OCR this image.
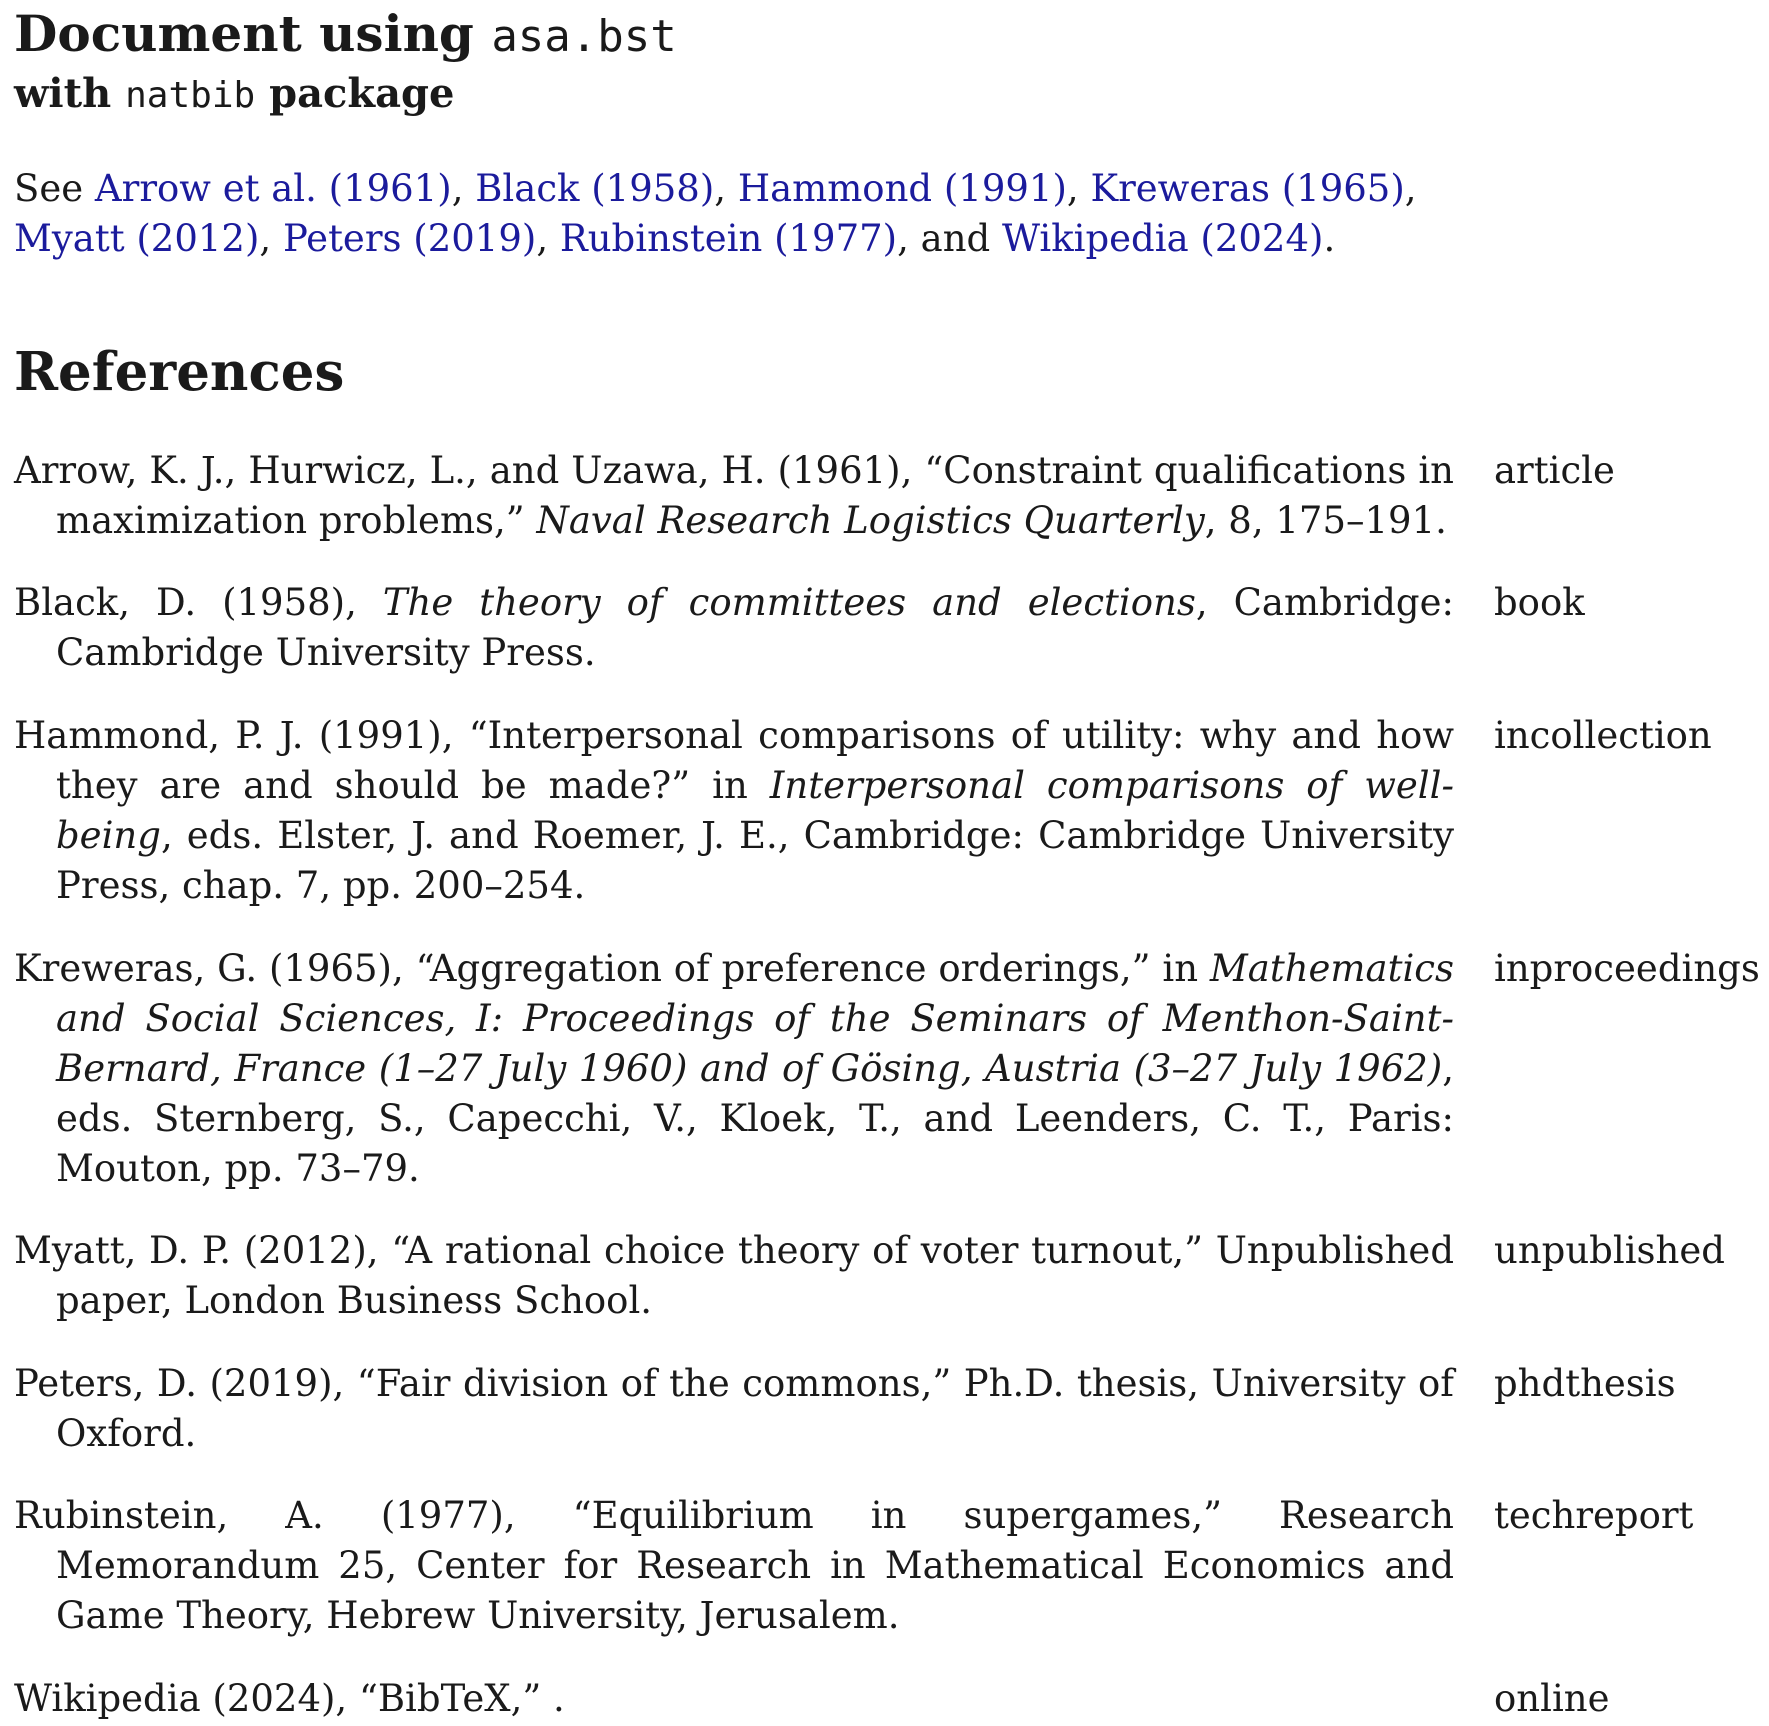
Document using asa.bst
with natbib package

See Arrow et al. (1961), Black (1958), Hammond (1991), Kreweras (1965), Myatt (2012), Peters (2019), Rubinstein (1977), and Wikipedia (2024).

References
Arrow, K. J., Hurwicz, L., and Uzawa, H. (1961), “Constraint qualifications in maximization problems,” Naval Research Logistics Quarterly, 8, 175–191.
article
Black, D. (1958), The theory of committees and elections, Cambridge: Cambridge University Press.
book
Hammond, P. J. (1991), “Interpersonal comparisons of utility: why and how they are and should be made?” in Interpersonal comparisons of well-being, eds. Elster, J. and Roemer, J. E., Cambridge: Cambridge University Press, chap. 7, pp. 200–254.
incollection
Kreweras, G. (1965), “Aggregation of preference orderings,” in Mathematics and Social Sciences, I: Proceedings of the Seminars of Menthon-Saint-Bernard, France (1–27 July 1960) and of Gösing, Austria (3–27 July 1962), eds. Sternberg, S., Capecchi, V., Kloek, T., and Leenders, C. T., Paris: Mouton, pp. 73–79.
inproceedings
Myatt, D. P. (2012), “A rational choice theory of voter turnout,” Unpublished paper, London Business School.
unpublished
Peters, D. (2019), “Fair division of the commons,” Ph.D. thesis, University of Oxford.
phdthesis
Rubinstein, A. (1977), “Equilibrium in supergames,” Research Memorandum 25, Center for Research in Mathematical Economics and Game Theory, Hebrew University, Jerusalem.
techreport
Wikipedia (2024), “BibTeX,” .	online
